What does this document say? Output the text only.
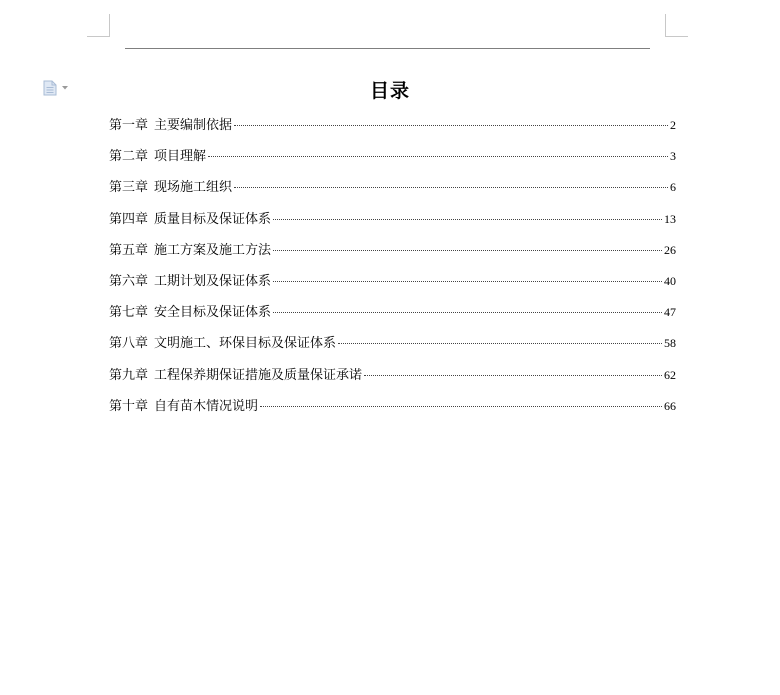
目录
第一章 主要编制依据	2
第二章 项目理解	3
第三章 现场施工组织	6
第四章 质量目标及保证体系	13
第五章 施工方案及施工方法	26
第六章 工期计划及保证体系	40
第七章 安全目标及保证体系	47
第八章 文明施工、环保目标及保证体系	58
第九章 工程保养期保证措施及质量保证承诺	62
第十章 自有苗木情况说明	66
